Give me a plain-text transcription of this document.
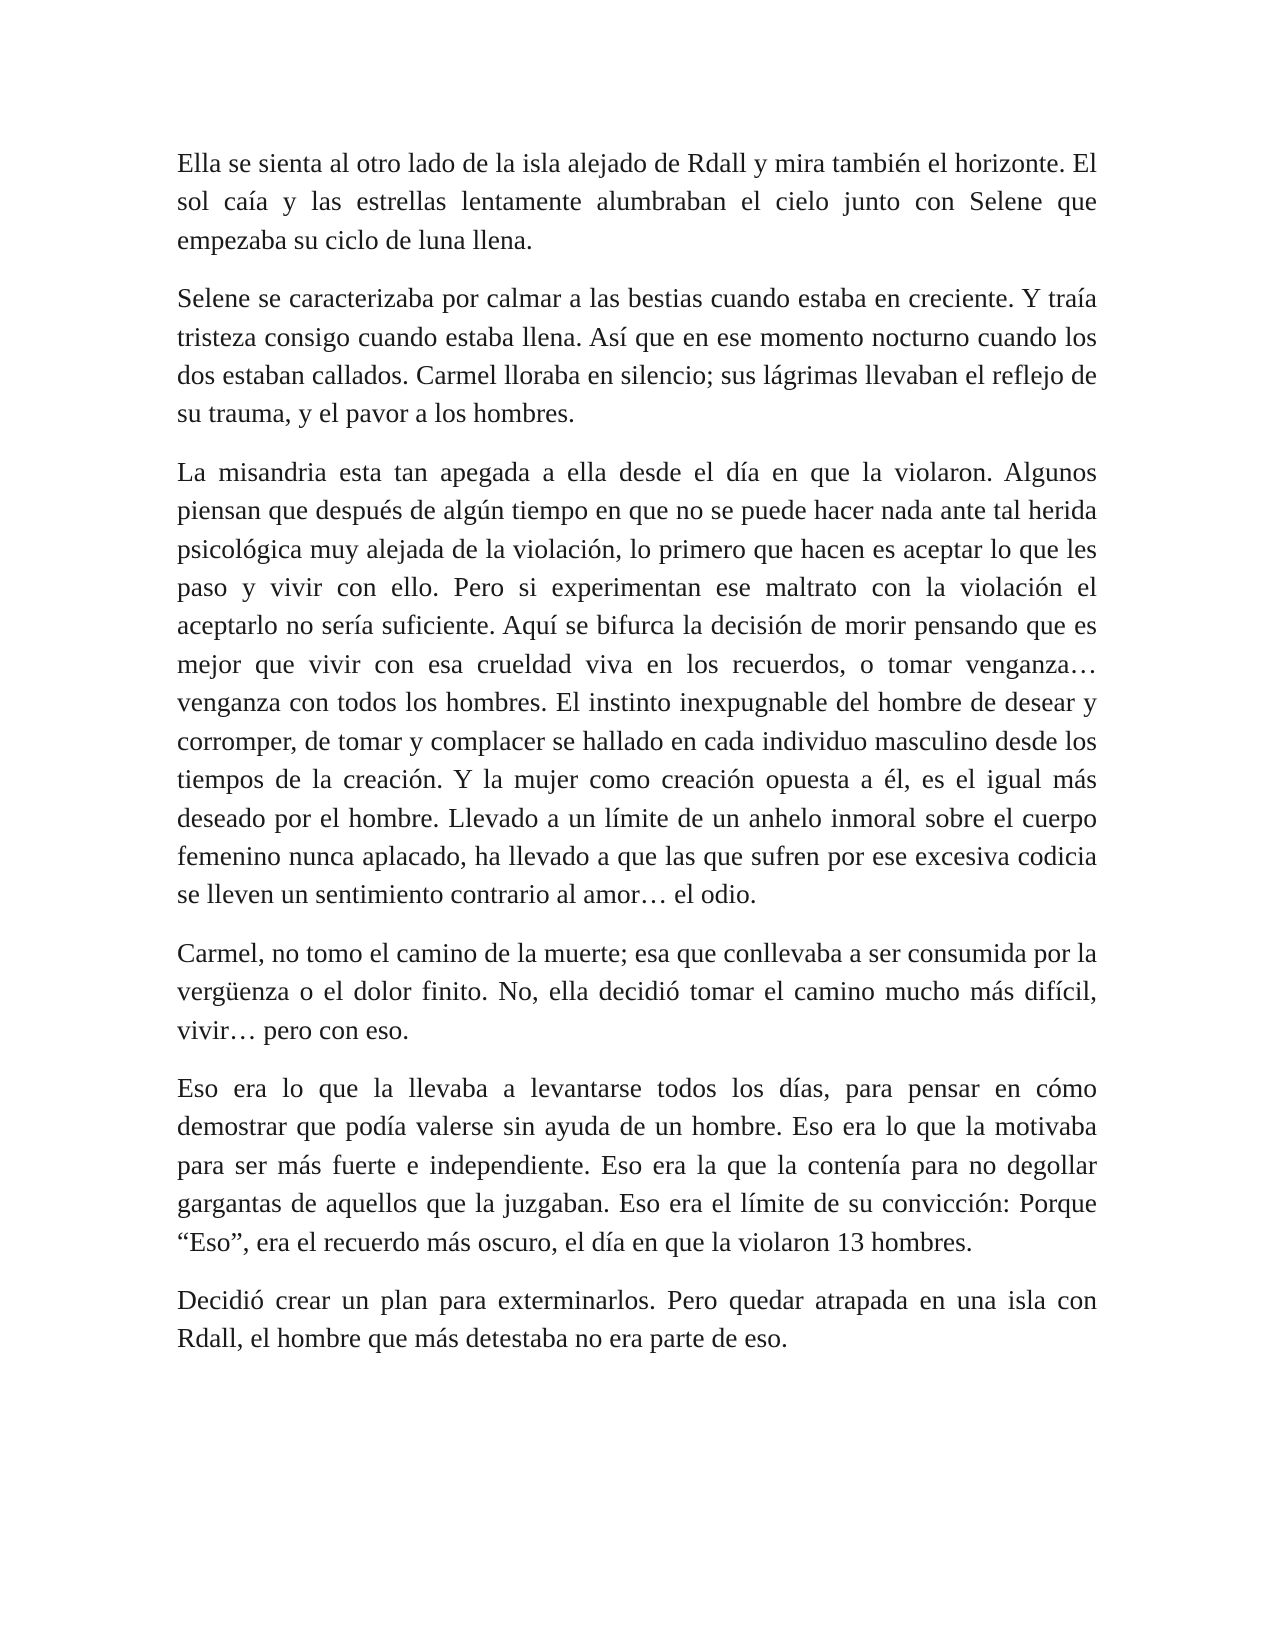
Ella se sienta al otro lado de la isla alejado de Rdall y mira también el horizonte. El sol caía y las estrellas lentamente alumbraban el cielo junto con Selene que empezaba su ciclo de luna llena.

Selene se caracterizaba por calmar a las bestias cuando estaba en creciente. Y traía tristeza consigo cuando estaba llena. Así que en ese momento nocturno cuando los dos estaban callados. Carmel lloraba en silencio; sus lágrimas llevaban el reflejo de su trauma, y el pavor a los hombres.

La misandria esta tan apegada a ella desde el día en que la violaron. Algunos piensan que después de algún tiempo en que no se puede hacer nada ante tal herida psicológica muy alejada de la violación, lo primero que hacen es aceptar lo que les paso y vivir con ello. Pero si experimentan ese maltrato con la violación el aceptarlo no sería suficiente. Aquí se bifurca la decisión de morir pensando que es mejor que vivir con esa crueldad viva en los recuerdos, o tomar venganza… venganza con todos los hombres. El instinto inexpugnable del hombre de desear y corromper, de tomar y complacer se hallado en cada individuo masculino desde los tiempos de la creación. Y la mujer como creación opuesta a él, es el igual más deseado por el hombre. Llevado a un límite de un anhelo inmoral sobre el cuerpo femenino nunca aplacado, ha llevado a que las que sufren por ese excesiva codicia se lleven un sentimiento contrario al amor… el odio.

Carmel, no tomo el camino de la muerte; esa que conllevaba a ser consumida por la vergüenza o el dolor finito. No, ella decidió tomar el camino mucho más difícil, vivir… pero con eso.

Eso era lo que la llevaba a levantarse todos los días, para pensar en cómo demostrar que podía valerse sin ayuda de un hombre. Eso era lo que la motivaba para ser más fuerte e independiente. Eso era la que la contenía para no degollar gargantas de aquellos que la juzgaban. Eso era el límite de su convicción: Porque “Eso”, era el recuerdo más oscuro, el día en que la violaron 13 hombres.

Decidió crear un plan para exterminarlos. Pero quedar atrapada en una isla con Rdall, el hombre que más detestaba no era parte de eso.
